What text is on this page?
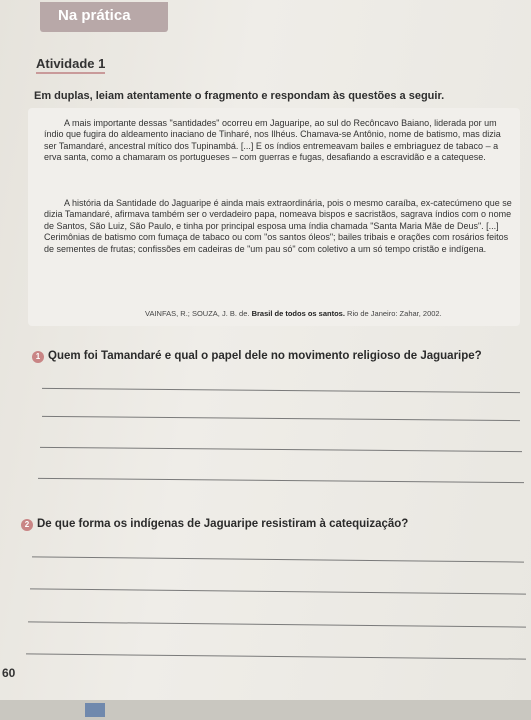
Na prática
Atividade 1
Em duplas, leiam atentamente o fragmento e respondam às questões a seguir.

A mais importante dessas "santidades" ocorreu em Jaguaripe, ao sul do Recôncavo Baiano, liderada por um índio que fugira do aldeamento inaciano de Tinharé, nos Ilhéus. Chamava-se Antônio, nome de batismo, mas dizia ser Tamandaré, ancestral mítico dos Tupinambá. [...] E os índios entremeavam bailes e embriaguez de tabaco – a erva santa, como a chamaram os portugueses – com guerras e fugas, desafiando a escravidão e a catequese.

A história da Santidade do Jaguaripe é ainda mais extraordinária, pois o mesmo caraíba, ex-catecúmeno que se dizia Tamandaré, afirmava também ser o verdadeiro papa, nomeava bispos e sacristãos, sagrava índios com o nome de Santos, São Luiz, São Paulo, e tinha por principal esposa uma índia chamada "Santa Maria Mãe de Deus". [...] Cerimônias de batismo com fumaça de tabaco ou com "os santos óleos"; bailes tribais e orações com rosários feitos de sementes de frutas; confissões em cadeiras de "um pau só" com coletivo a um só tempo cristão e indígena.

VAINFAS, R.; SOUZA, J. B. de. Brasil de todos os santos. Rio de Janeiro: Zahar, 2002.
1 Quem foi Tamandaré e qual o papel dele no movimento religioso de Jaguaripe?
2 De que forma os indígenas de Jaguaripe resistiram à catequização?
60
